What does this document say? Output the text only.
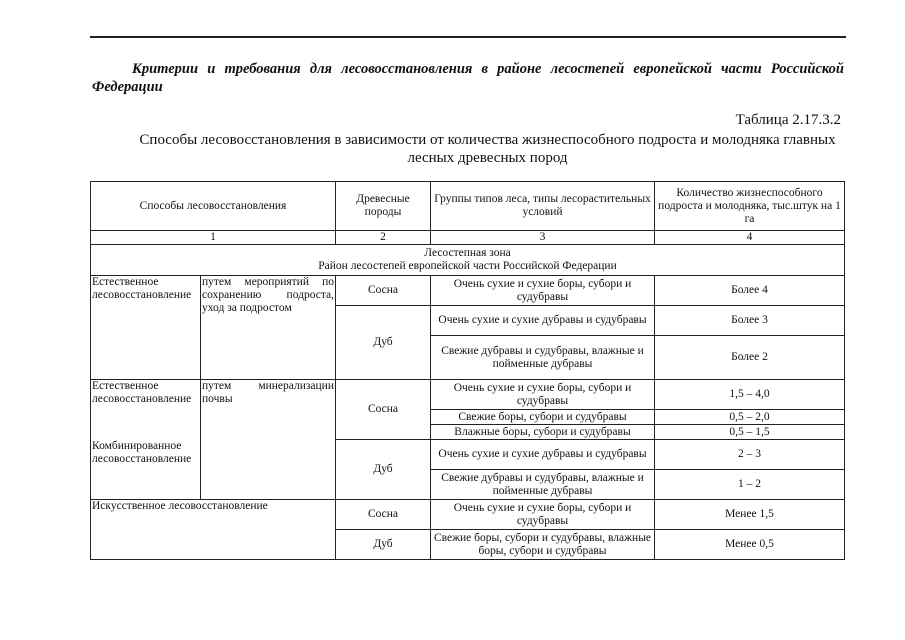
Критерии и требования для лесовосстановления в районе лесостепей европейской части Российской
Федерации
Таблица 2.17.3.2
Способы лесовосстановления в зависимости от количества жизнеспособного подроста и молодняка главных
лесных древесных пород
Способы лесовосстановления		Древесные породы	Группы типов леса, типы лесорастительных условий	Количество жизнеспособного подроста и молодняка, тыс.штук на 1 га
1		2	3	4

Лесостепная зона
Район лесостепей европейской части Российской Федерации				

Естественное лесовосстановление	путем мероприятий по сохранению подроста, уход за подростом	Сосна	Очень сухие и сухие боры, субори и судубравы	Более 4
		Дуб	Очень сухие и сухие дубравы и судубравы	Более 3
			Свежие дубравы и судубравы, влажные и пойменные дубравы	Более 2
Естественное лесовосстановление	путем минерализации почвы	Сосна	Очень сухие и сухие боры, субори и судубравы	1,5 – 4,0
			Свежие боры, субори и судубравы	0,5 – 2,0
			Влажные боры, субори и судубравы	0,5 – 1,5
Комбинированное лесовосстановление		Дуб	Очень сухие и сухие дубравы и судубравы	2 – 3
			Свежие дубравы и судубравы, влажные и пойменные дубравы	1 – 2
Искусственное лесовосстановление		Сосна	Очень сухие и сухие боры, субори и судубравы	Менее 1,5
		Дуб	Свежие боры, субори и судубравы, влажные боры, субори и судубравы	Менее 0,5
